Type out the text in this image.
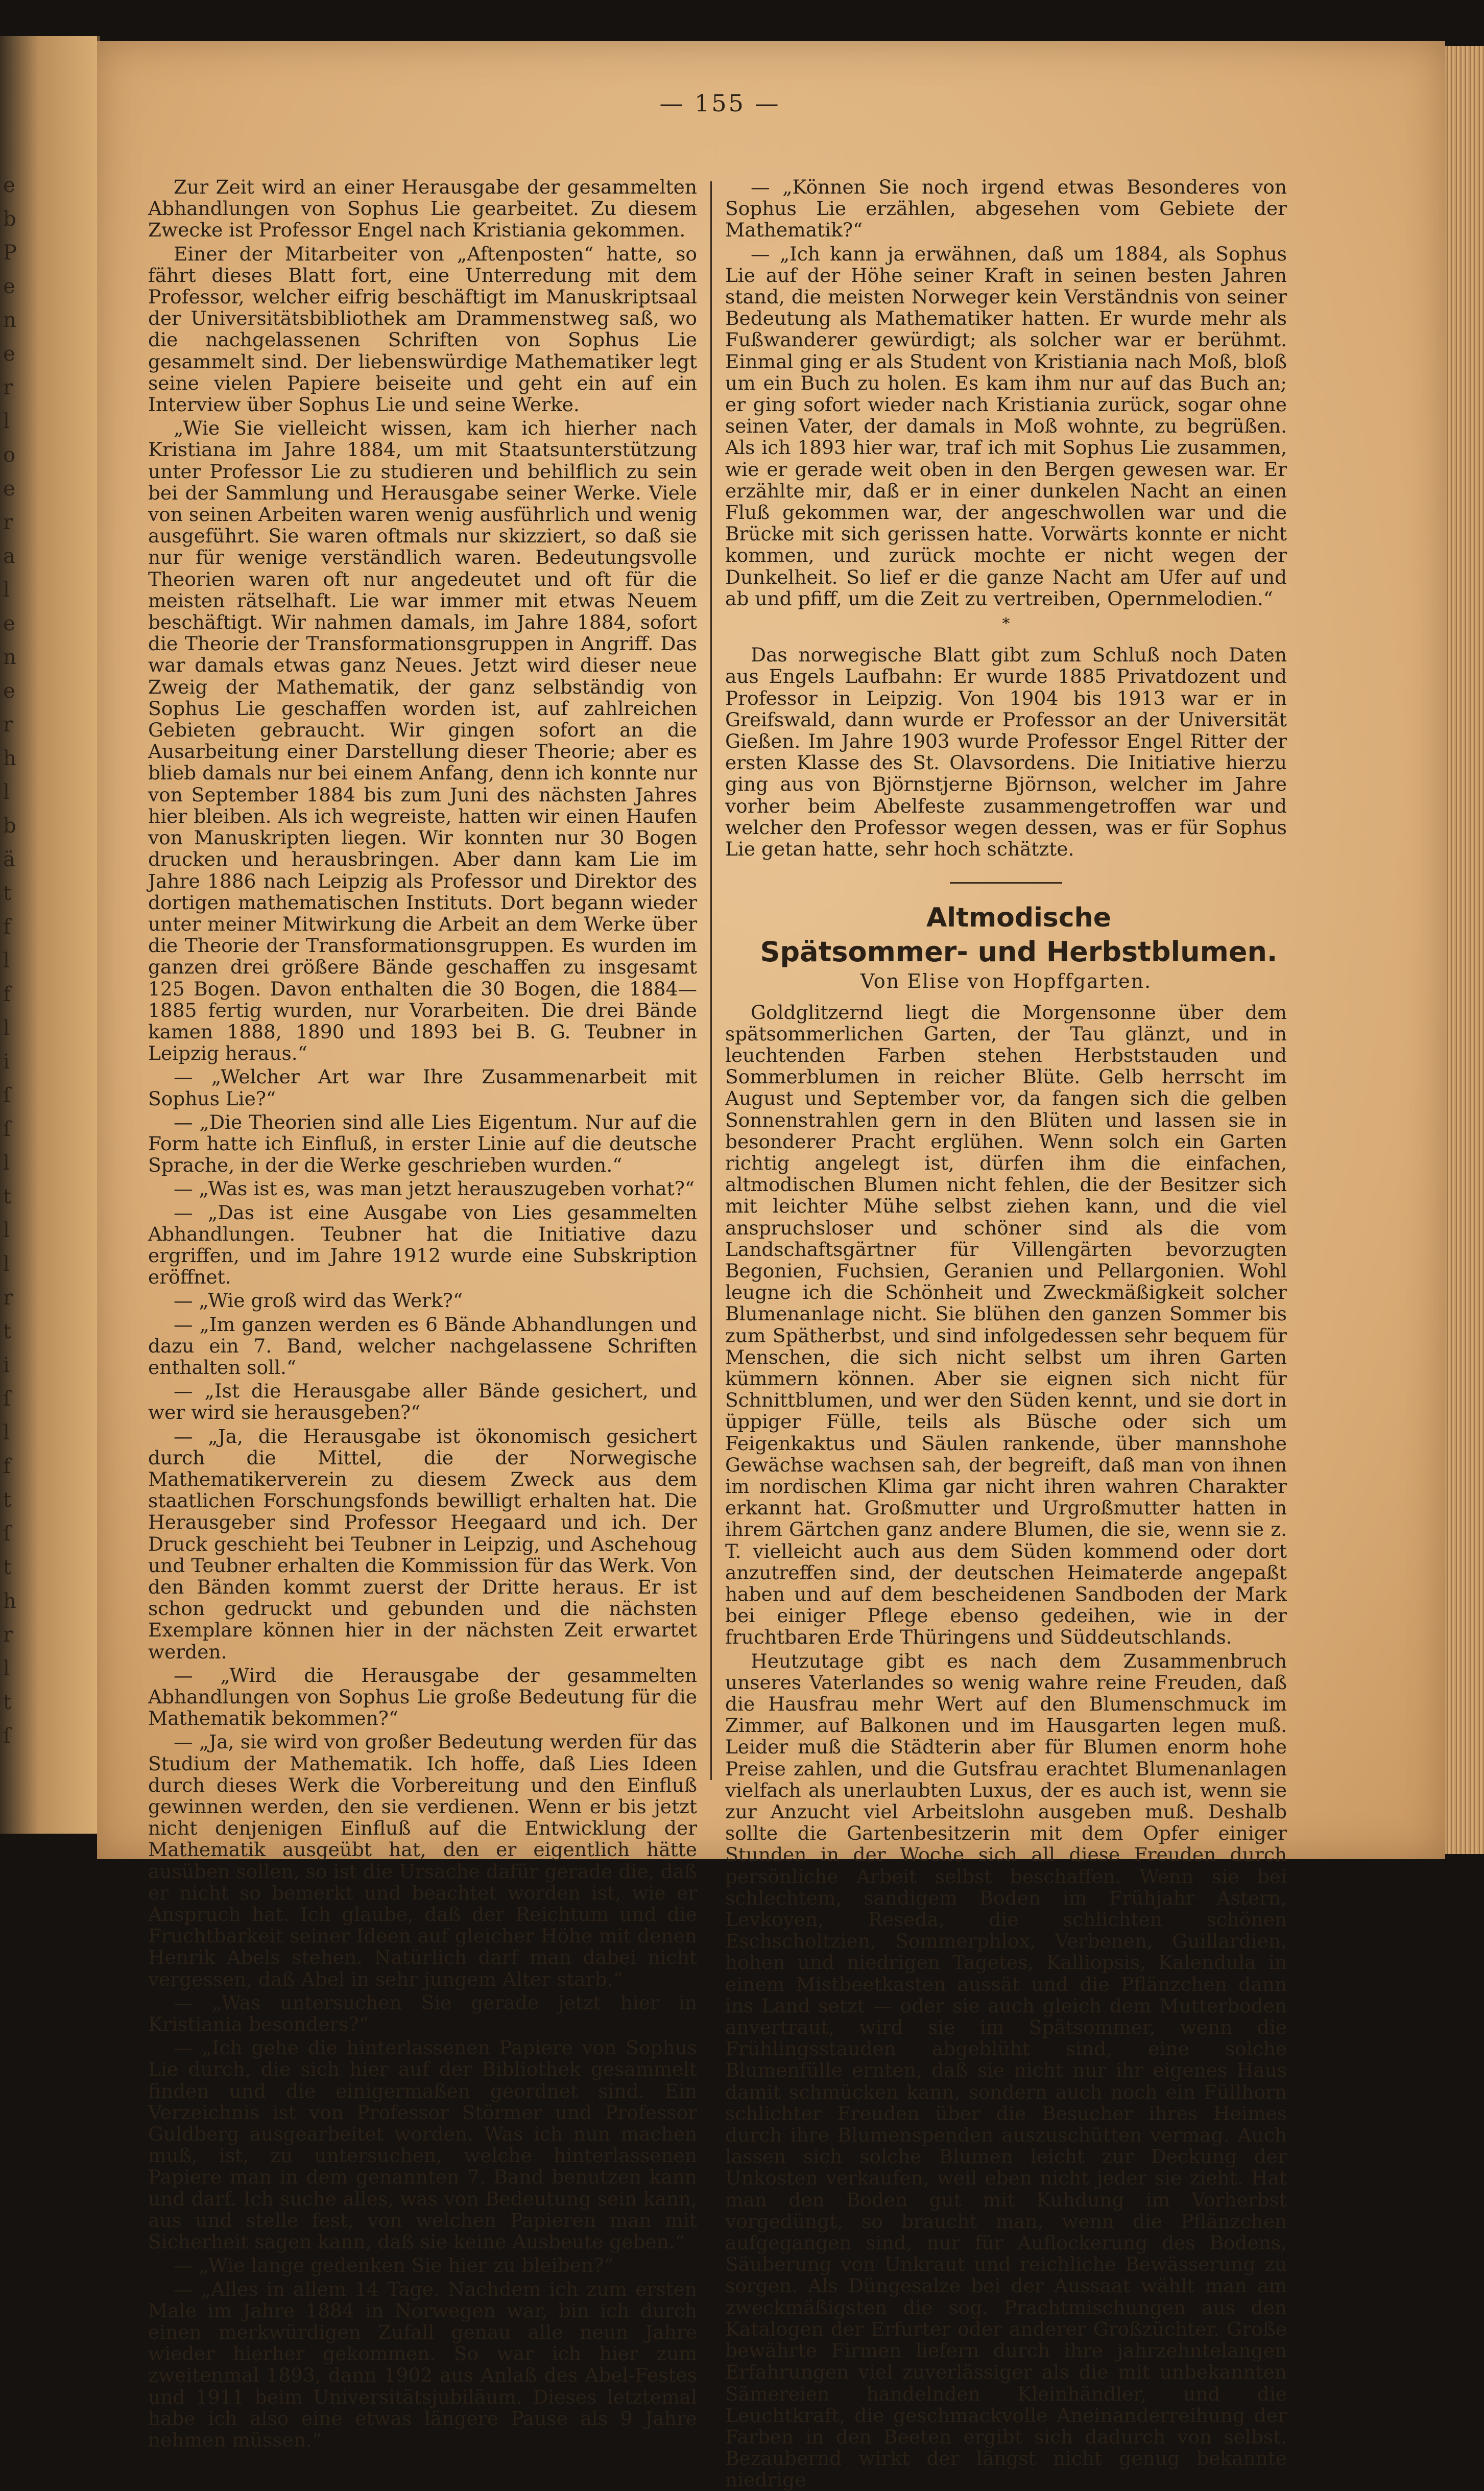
e
b
P
e
n
e
r
l
o
e
r
a
l
e
n
e
r
h
l
b
ä
t
f
l
f
l
i
ſ
ſ
l
t
l
l
r
t
i
ſ
l
f
t
ſ
t
h
r
l
t
ſ
— 155 —

Zur Zeit wird an einer Herausgabe der gesammelten Abhandlungen von Sophus Lie gearbeitet. Zu diesem Zwecke ist Professor Engel nach Kristiania gekommen.

Einer der Mitarbeiter von „Aftenposten“ hatte, so fährt dieses Blatt fort, eine Unterredung mit dem Professor, welcher eifrig beschäftigt im Manuskriptsaal der Universitätsbibliothek am Drammenstweg saß, wo die nachgelassenen Schriften von Sophus Lie gesammelt sind. Der liebenswürdige Mathematiker legt seine vielen Papiere beiseite und geht ein auf ein Interview über Sophus Lie und seine Werke.

„Wie Sie vielleicht wissen, kam ich hierher nach Kristiana im Jahre 1884, um mit Staatsunterstützung unter Professor Lie zu studieren und behilflich zu sein bei der Sammlung und Herausgabe seiner Werke. Viele von seinen Arbeiten waren wenig ausführlich und wenig ausgeführt. Sie waren oftmals nur skizziert, so daß sie nur für wenige verständlich waren. Bedeutungsvolle Theorien waren oft nur angedeutet und oft für die meisten rätselhaft. Lie war immer mit etwas Neuem beschäftigt. Wir nahmen damals, im Jahre 1884, sofort die Theorie der Transformationsgruppen in Angriff. Das war damals etwas ganz Neues. Jetzt wird dieser neue Zweig der Mathematik, der ganz selbständig von Sophus Lie geschaffen worden ist, auf zahlreichen Gebieten gebraucht. Wir gingen sofort an die Ausarbeitung einer Darstellung dieser Theorie; aber es blieb damals nur bei einem Anfang, denn ich konnte nur von September 1884 bis zum Juni des nächsten Jahres hier bleiben. Als ich wegreiste, hatten wir einen Haufen von Manuskripten liegen. Wir konnten nur 30 Bogen drucken und herausbringen. Aber dann kam Lie im Jahre 1886 nach Leipzig als Professor und Direktor des dortigen mathematischen Instituts. Dort begann wieder unter meiner Mitwirkung die Arbeit an dem Werke über die Theorie der Transformationsgruppen. Es wurden im ganzen drei größere Bände geschaffen zu insgesamt 125 Bogen. Davon enthalten die 30 Bogen, die 1884—1885 fertig wurden, nur Vorarbeiten. Die drei Bände kamen 1888, 1890 und 1893 bei B. G. Teubner in Leipzig heraus.“

— „Welcher Art war Ihre Zusammenarbeit mit Sophus Lie?“

— „Die Theorien sind alle Lies Eigentum. Nur auf die Form hatte ich Einfluß, in erster Linie auf die deutsche Sprache, in der die Werke geschrieben wurden.“

— „Was ist es, was man jetzt herauszugeben vorhat?“

— „Das ist eine Ausgabe von Lies gesammelten Abhandlungen. Teubner hat die Initiative dazu ergriffen, und im Jahre 1912 wurde eine Subskription eröffnet.

— „Wie groß wird das Werk?“

— „Im ganzen werden es 6 Bände Abhandlungen und dazu ein 7. Band, welcher nachgelassene Schriften enthalten soll.“

— „Ist die Herausgabe aller Bände gesichert, und wer wird sie herausgeben?“

— „Ja, die Herausgabe ist ökonomisch gesichert durch die Mittel, die der Norwegische Mathematikerverein zu diesem Zweck aus dem staatlichen Forschungsfonds bewilligt erhalten hat. Die Herausgeber sind Professor Heegaard und ich. Der Druck geschieht bei Teubner in Leipzig, und Aschehoug und Teubner erhalten die Kommission für das Werk. Von den Bänden kommt zuerst der Dritte heraus. Er ist schon gedruckt und gebunden und die nächsten Exemplare können hier in der nächsten Zeit erwartet werden.

— „Wird die Herausgabe der gesammelten Abhandlungen von Sophus Lie große Bedeutung für die Mathematik bekommen?“

— „Ja, sie wird von großer Bedeutung werden für das Studium der Mathematik. Ich hoffe, daß Lies Ideen durch dieses Werk die Vorbereitung und den Einfluß gewinnen werden, den sie verdienen. Wenn er bis jetzt nicht denjenigen Einfluß auf die Entwicklung der Mathematik ausgeübt hat, den er eigentlich hätte ausüben sollen, so ist die Ursache dafür gerade die, daß er nicht so bemerkt und beachtet worden ist, wie er Anspruch hat. Ich glaube, daß der Reichtum und die Fruchtbarkeit seiner Ideen auf gleicher Höhe mit denen Henrik Abels stehen. Natürlich darf man dabei nicht vergessen, daß Abel in sehr jungem Alter starb.“

— „Was untersuchen Sie gerade jetzt hier in Kristiania besonders?“

— „Ich gehe die hinterlassenen Papiere von Sophus Lie durch, die sich hier auf der Bibliothek gesammelt finden und die einigermaßen geordnet sind. Ein Verzeichnis ist von Professor Störmer und Professor Guldberg ausgearbeitet worden. Was ich nun machen muß, ist, zu untersuchen, welche hinterlassenen Papiere man in dem genannten 7. Band benutzen kann und darf. Ich suche alles, was von Bedeutung sein kann, aus und stelle fest, von welchen Papieren man mit Sicherheit sagen kann, daß sie keine Ausbeute geben.“

— „Wie lange gedenken Sie hier zu bleiben?“

— „Alles in allem 14 Tage. Nachdem ich zum ersten Male im Jahre 1884 in Norwegen war, bin ich durch einen merkwürdigen Zufall genau alle neun Jahre wieder hierher gekommen. So war ich hier zum zweitenmal 1893, dann 1902 aus Anlaß des Abel-Festes und 1911 beim Universitätsjubiläum. Dieses letztemal habe ich also eine etwas längere Pause als 9 Jahre nehmen müssen.“

— „Können Sie noch irgend etwas Besonderes von Sophus Lie erzählen, abgesehen vom Gebiete der Mathematik?“

— „Ich kann ja erwähnen, daß um 1884, als Sophus Lie auf der Höhe seiner Kraft in seinen besten Jahren stand, die meisten Norweger kein Verständnis von seiner Bedeutung als Mathematiker hatten. Er wurde mehr als Fußwanderer gewürdigt; als solcher war er berühmt. Einmal ging er als Student von Kristiania nach Moß, bloß um ein Buch zu holen. Es kam ihm nur auf das Buch an; er ging sofort wieder nach Kristiania zurück, sogar ohne seinen Vater, der damals in Moß wohnte, zu begrüßen. Als ich 1893 hier war, traf ich mit Sophus Lie zusammen, wie er gerade weit oben in den Bergen gewesen war. Er erzählte mir, daß er in einer dunkelen Nacht an einen Fluß gekommen war, der angeschwollen war und die Brücke mit sich gerissen hatte. Vorwärts konnte er nicht kommen, und zurück mochte er nicht wegen der Dunkelheit. So lief er die ganze Nacht am Ufer auf und ab und pfiff, um die Zeit zu vertreiben, Opernmelodien.“

*

Das norwegische Blatt gibt zum Schluß noch Daten aus Engels Laufbahn: Er wurde 1885 Privatdozent und Professor in Leipzig. Von 1904 bis 1913 war er in Greifswald, dann wurde er Professor an der Universität Gießen. Im Jahre 1903 wurde Professor Engel Ritter der ersten Klasse des St. Olavsordens. Die Initiative hierzu ging aus von Björnstjerne Björnson, welcher im Jahre vorher beim Abelfeste zusammengetroffen war und welcher den Professor wegen dessen, was er für Sophus Lie getan hatte, sehr hoch schätzte.

Altmodische

Spätsommer- und Herbstblumen.

Von Elise von Hopffgarten.

Goldglitzernd liegt die Morgensonne über dem spätsommerlichen Garten, der Tau glänzt, und in leuchtenden Farben stehen Herbststauden und Sommerblumen in reicher Blüte. Gelb herrscht im August und September vor, da fangen sich die gelben Sonnenstrahlen gern in den Blüten und lassen sie in besonderer Pracht erglühen. Wenn solch ein Garten richtig angelegt ist, dürfen ihm die einfachen, altmodischen Blumen nicht fehlen, die der Besitzer sich mit leichter Mühe selbst ziehen kann, und die viel anspruchsloser und schöner sind als die vom Landschaftsgärtner für Villengärten bevorzugten Begonien, Fuchsien, Geranien und Pellargonien. Wohl leugne ich die Schönheit und Zweckmäßigkeit solcher Blumenanlage nicht. Sie blühen den ganzen Sommer bis zum Spätherbst, und sind infolgedessen sehr bequem für Menschen, die sich nicht selbst um ihren Garten kümmern können. Aber sie eignen sich nicht für Schnittblumen, und wer den Süden kennt, und sie dort in üppiger Fülle, teils als Büsche oder sich um Feigenkaktus und Säulen rankende, über mannshohe Gewächse wachsen sah, der begreift, daß man von ihnen im nordischen Klima gar nicht ihren wahren Charakter erkannt hat. Großmutter und Urgroßmutter hatten in ihrem Gärtchen ganz andere Blumen, die sie, wenn sie z. T. vielleicht auch aus dem Süden kommend oder dort anzutreffen sind, der deutschen Heimaterde angepaßt haben und auf dem bescheidenen Sandboden der Mark bei einiger Pflege ebenso gedeihen, wie in der fruchtbaren Erde Thüringens und Süddeutschlands.

Heutzutage gibt es nach dem Zusammenbruch unseres Vaterlandes so wenig wahre reine Freuden, daß die Hausfrau mehr Wert auf den Blumenschmuck im Zimmer, auf Balkonen und im Hausgarten legen muß. Leider muß die Städterin aber für Blumen enorm hohe Preise zahlen, und die Gutsfrau erachtet Blumenanlagen vielfach als unerlaubten Luxus, der es auch ist, wenn sie zur Anzucht viel Arbeitslohn ausgeben muß. Deshalb sollte die Gartenbesitzerin mit dem Opfer einiger Stunden in der Woche sich all diese Freuden durch persönliche Arbeit selbst beschaffen. Wenn sie bei schlechtem, sandigem Boden im Frühjahr Astern, Levkoyen, Reseda, die schlichten schönen Eschscholtzien, Sommerphlox, Verbenen, Guillardien, hohen und niedrigen Tagetes, Kalliopsis, Kalendula in einem Mistbeetkasten aussät und die Pflänzchen dann ins Land setzt — oder sie auch gleich dem Mutterboden anvertraut, wird sie im Spätsommer, wenn die Frühlingsstauden abgeblüht sind, eine solche Blumenfülle ernten, daß sie nicht nur ihr eigenes Haus damit schmücken kann, sondern auch noch ein Füllhorn schlichter Freuden über die Besucher ihres Heimes durch ihre Blumenspenden auszuschütten vermag. Auch lassen sich solche Blumen leicht zur Deckung der Unkosten verkaufen, weil eben nicht jeder sie zieht. Hat man den Boden gut mit Kuhdung im Vorherbst vorgedüngt, so braucht man, wenn die Pflänzchen aufgegangen sind, nur für Auflockerung des Bodens, Säuberung von Unkraut und reichliche Bewässerung zu sorgen. Als Düngesalze bei der Aussaat wählt man am zweckmäßigsten die sog. Prachtmischungen aus den Katalogen der Erfurter oder anderer Großzüchter. Große bewährte Firmen liefern durch ihre jahrzehntelangen Erfahrungen viel zuverlässiger als die mit unbekannten Sämereien handelnden Kleinhändler, und die Leuchtkraft, die geschmackvolle Aneinanderreihung der Farben in den Beeten ergibt sich dadurch von selbst. Bezaubernd wirkt der längst nicht genug bekannte niedrige
